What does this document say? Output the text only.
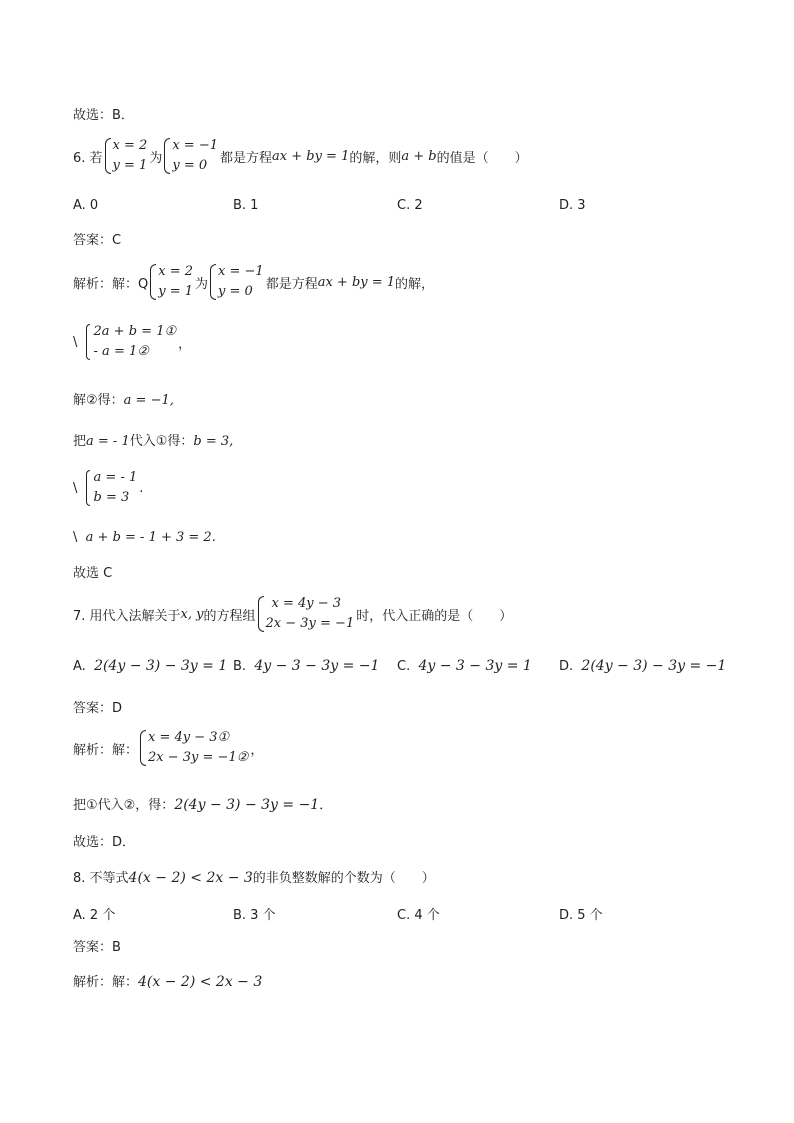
故选：B．
6. 若
x = 2
y = 1 为
x = −1
y = 0 都是方程ax + by = 1的解，则a + b的值是（　　）
A. 0	B. 1	C. 2	D. 3
答案：C
解析：解：Q
x = 2
y = 1 为
x = −1
y = 0 都是方程ax + by = 1的解，
\
2a + b = 1①
- a = 1②	，
解②得：a = −1,
把a = - 1代入①得：b = 3,
\
a = - 1
b = 3
.
\ a + b = - 1 + 3 = 2.
故选 C
7. 用代入法解关于x, y的方程组
x = 4y − 3
2x − 3y = −1 时，代入正确的是（　　）
A. 2(4y − 3) − 3y = 1 B. 4y − 3 − 3y = −1 C. 4y − 3 − 3y = 1 D. 2(4y − 3) − 3y = −1
答案：D
解析：解：
x = 4y − 3①
2x − 3y = −1② ，
把①代入②，得：2(4y − 3) − 3y = −1．
故选：D．
8. 不等式4(x − 2) < 2x − 3的非负整数解的个数为（　　）
A. 2 个	B. 3 个	C. 4 个	D. 5 个
答案：B
解析：解：4(x − 2) < 2x − 3
